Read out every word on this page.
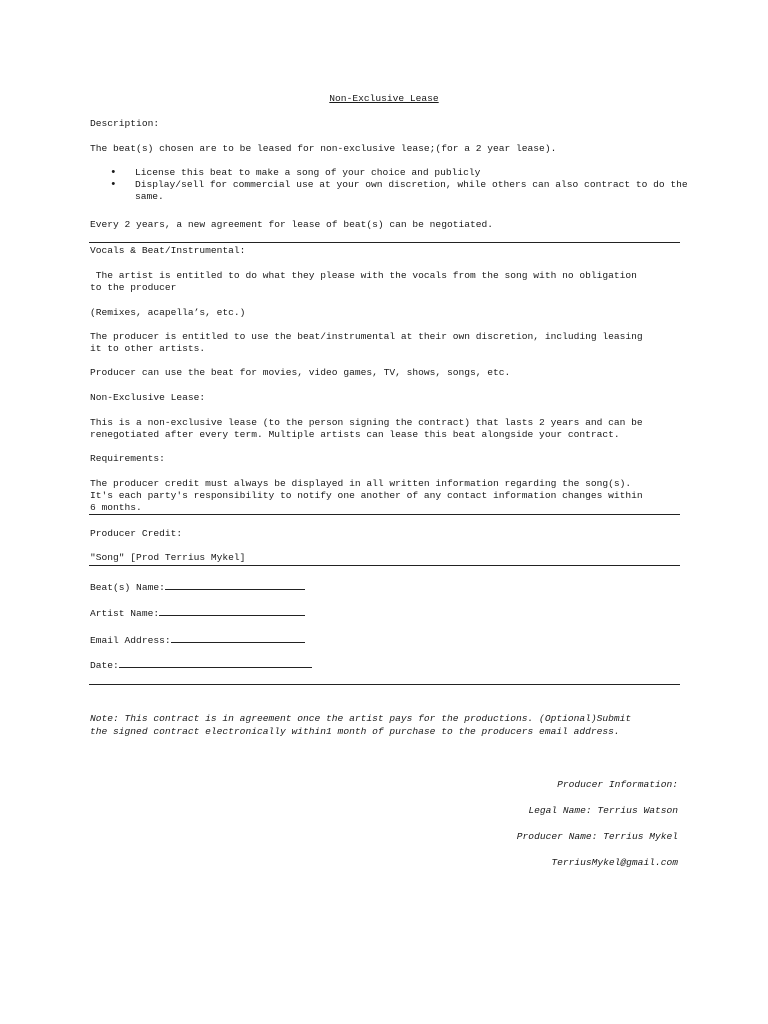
Non-Exclusive Lease
Description:
The beat(s) chosen are to be leased for non-exclusive lease;(for a 2 year lease).
• License this beat to make a song of your choice and publicly
• Display/sell for commercial use at your own discretion, while others can also contract to do the same.
Every 2 years, a new agreement for lease of beat(s) can be negotiated.
Vocals & Beat/Instrumental:
The artist is entitled to do what they please with the vocals from the song with no obligation
to the producer
(Remixes, acapella’s, etc.)
The producer is entitled to use the beat/instrumental at their own discretion, including leasing
it to other artists.
Producer can use the beat for movies, video games, TV, shows, songs, etc.
Non-Exclusive Lease:
This is a non-exclusive lease (to the person signing the contract) that lasts 2 years and can be
renegotiated after every term. Multiple artists can lease this beat alongside your contract.
Requirements:
The producer credit must always be displayed in all written information regarding the song(s).
It's each party's responsibility to notify one another of any contact information changes within
6 months.
Producer Credit:
"Song" [Prod Terrius Mykel]
Beat(s) Name:
Artist Name:
Email Address:
Date:
Note: This contract is in agreement once the artist pays for the productions. (Optional)Submit
the signed contract electronically within1 month of purchase to the producers email address.
Producer Information:
Legal Name: Terrius Watson
Producer Name: Terrius Mykel
TerriusMykel@gmail.com
